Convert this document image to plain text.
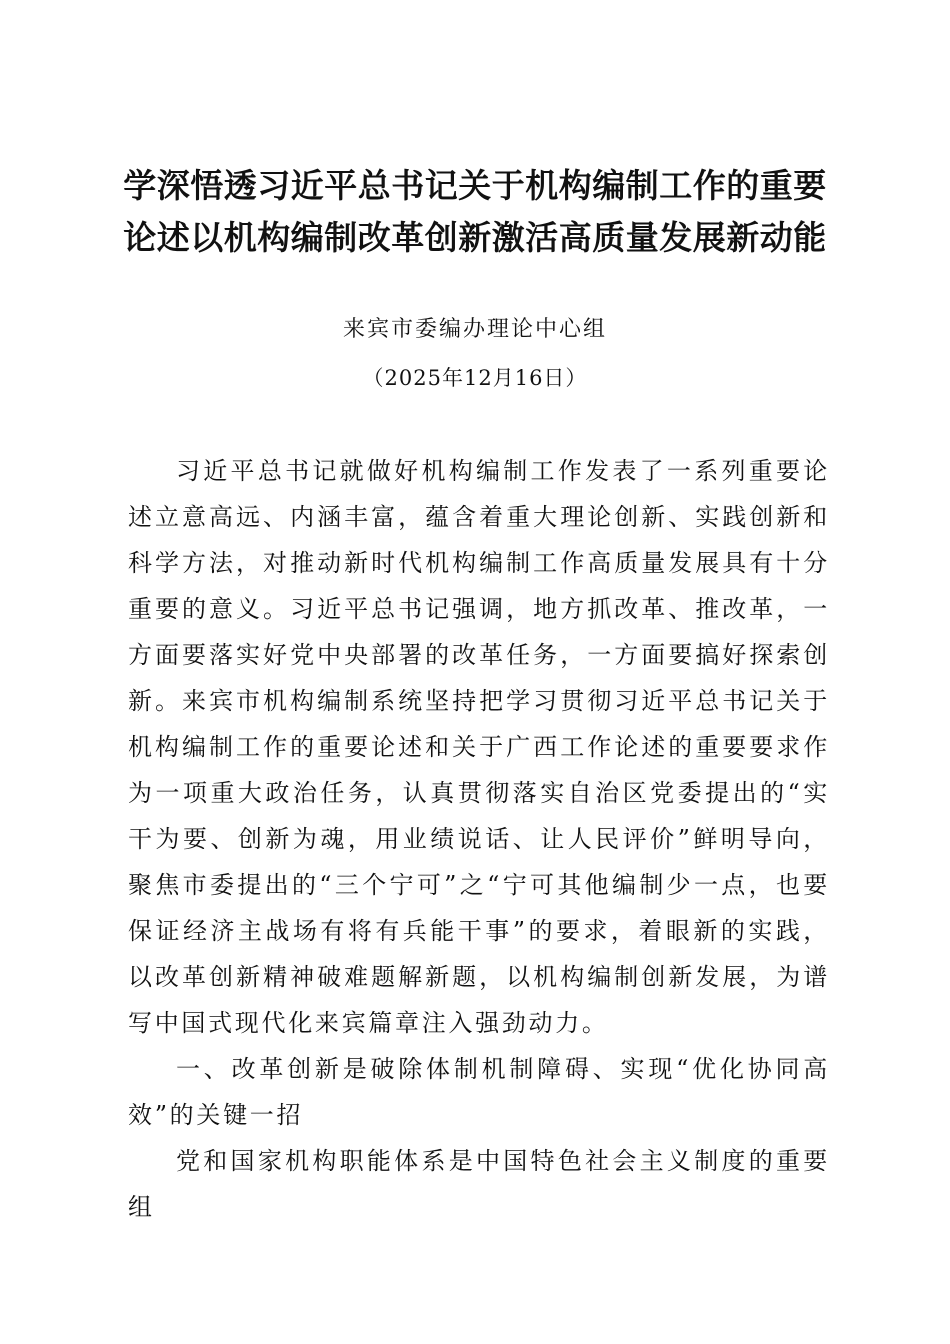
学深悟透习近平总书记关于机构编制工作的重要论述以机构编制改革创新激活高质量发展新动能

来宾市委编办理论中心组

（2025年12月16日）

习近平总书记就做好机构编制工作发表了一系列重要论述立意高远、内涵丰富，蕴含着重大理论创新、实践创新和科学方法，对推动新时代机构编制工作高质量发展具有十分重要的意义。习近平总书记强调，地方抓改革、推改革，一方面要落实好党中央部署的改革任务，一方面要搞好探索创新。来宾市机构编制系统坚持把学习贯彻习近平总书记关于机构编制工作的重要论述和关于广西工作论述的重要要求作为一项重大政治任务，认真贯彻落实自治区党委提出的“实干为要、创新为魂，用业绩说话、让人民评价”鲜明导向，聚焦市委提出的“三个宁可”之“宁可其他编制少一点，也要保证经济主战场有将有兵能干事”的要求，着眼新的实践，以改革创新精神破难题解新题，以机构编制创新发展，为谱写中国式现代化来宾篇章注入强劲动力。

一、改革创新是破除体制机制障碍、实现“优化协同高效”的关键一招

党和国家机构职能体系是中国特色社会主义制度的重要组
